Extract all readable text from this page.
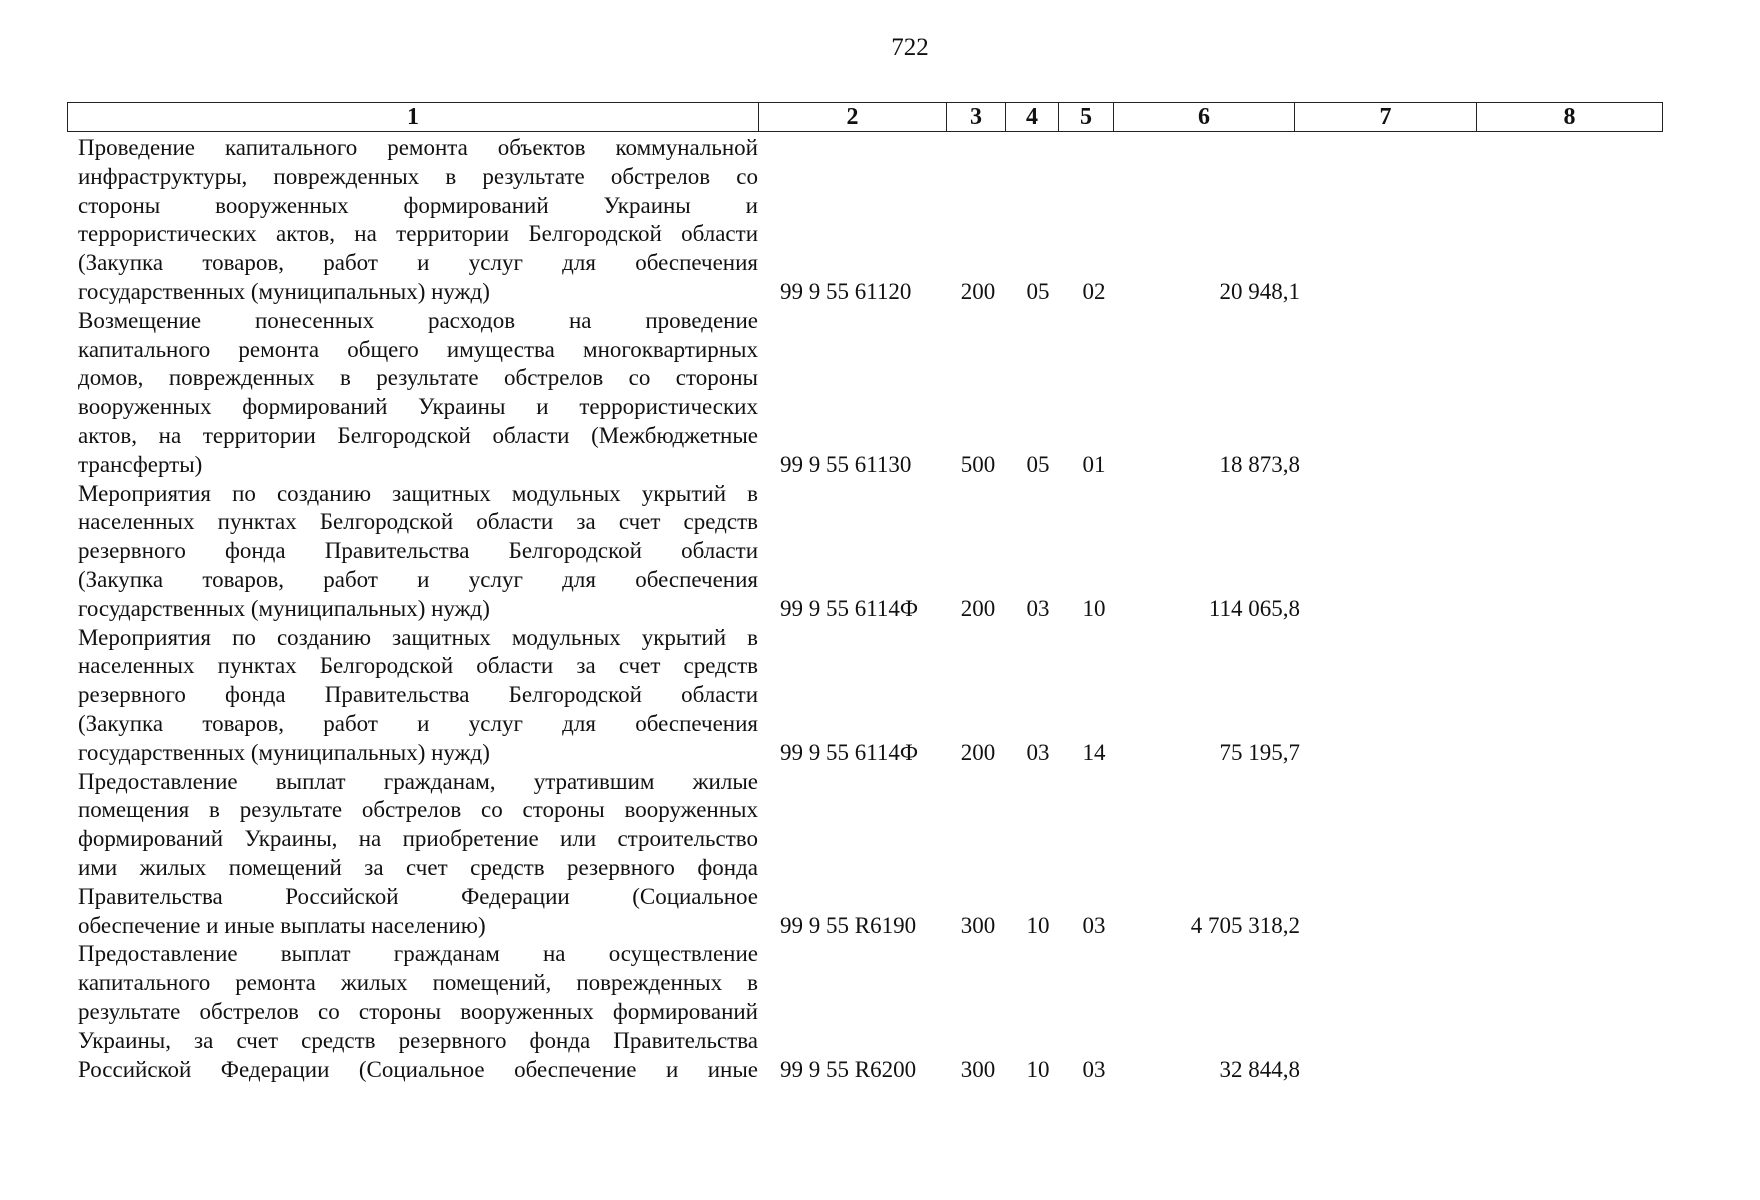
722
1	2	3	4	5	6	7	8
Проведение капитального ремонта объектов коммунальной
инфраструктуры, поврежденных в результате обстрелов со
стороны вооруженных формирований Украины и
террористических актов, на территории Белгородской области
(Закупка товаров, работ и услуг для обеспечения
государственных (муниципальных) нужд)	99 9 55 61120	200	05	02	20 948,1
Возмещение понесенных расходов на проведение
капитального ремонта общего имущества многоквартирных
домов, поврежденных в результате обстрелов со стороны
вооруженных формирований Украины и террористических
актов, на территории Белгородской области (Межбюджетные
трансферты)	99 9 55 61130	500	05	01	18 873,8
Мероприятия по созданию защитных модульных укрытий в
населенных пунктах Белгородской области за счет средств
резервного фонда Правительства Белгородской области
(Закупка товаров, работ и услуг для обеспечения
государственных (муниципальных) нужд)	99 9 55 6114Ф	200	03	10	114 065,8
Мероприятия по созданию защитных модульных укрытий в
населенных пунктах Белгородской области за счет средств
резервного фонда Правительства Белгородской области
(Закупка товаров, работ и услуг для обеспечения
государственных (муниципальных) нужд)	99 9 55 6114Ф	200	03	14	75 195,7
Предоставление выплат гражданам, утратившим жилые
помещения в результате обстрелов со стороны вооруженных
формирований Украины, на приобретение или строительство
ими жилых помещений за счет средств резервного фонда
Правительства Российской Федерации (Социальное
обеспечение и иные выплаты населению)	99 9 55 R6190	300	10	03	4 705 318,2
Предоставление выплат гражданам на осуществление
капитального ремонта жилых помещений, поврежденных в
результате обстрелов со стороны вооруженных формирований
Украины, за счет средств резервного фонда Правительства
Российской Федерации (Социальное обеспечение и иные 99 9 55 R6200	300	10	03	32 844,8
